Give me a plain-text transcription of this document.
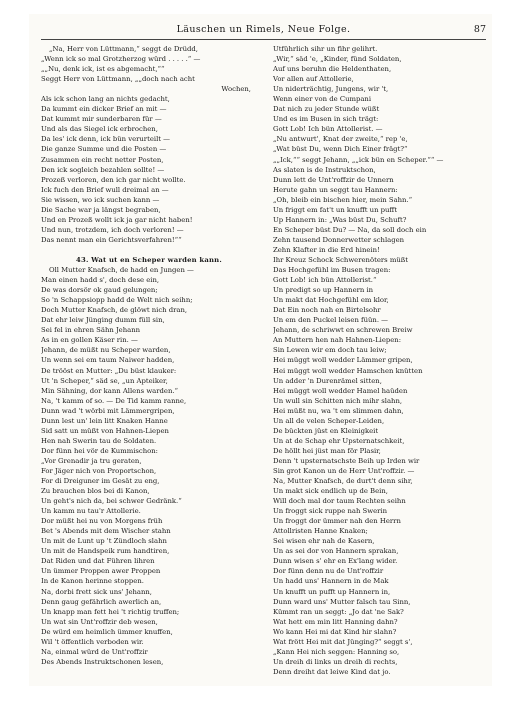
Läuschen un Rimels, Neue Folge.	87
„Na, Herr von Lüttmann,“ seggt de Drüdd,
„Wenn ick so mal Grotzherzog würd . . . . .“ —
„„Nu, denk ick, ist es abgemacht,““
Seggt Herr von Lüttmann, „„doch nach acht
Wochen,
Als ick schon lang an nichts gedacht,
Da kummt ein dicker Brief an mit —
Dat kummt mir sunderbaren für —
Und als das Siegel ick erbrochen,
Da les' ick denn, ick bün verurteilt —
Die ganze Summe und die Posten —
Zusammen ein recht netter Posten,
Den ick sogleich bezahlen sollte! —
Prozeß verloren, den ich gar nicht wollte.
Ick fuch den Brief wull dreimal an —
Sie wissen, wo ick suchen kann —
Die Sache war ja längst begraben,
Und en Prozeß wollt ick ja gar nicht haben!
Und nun, trotzdem, ich doch verloren! —
Das nennt man ein Gerichtsverfahren!““

43. Wat ut en Scheper warden kann.
Oll Mutter Knafsch, de hadd en Jungen —
Man einen hadd s', doch dese ein,
De was dorsör ok gaud gelungen;
So 'n Schappsiopp hadd de Welt nich seihn;
Doch Mutter Knafsch, de glöwt nich dran,
Dat ehr leiw Jünging dumm füll sin,
Sei fel in ehren Sähn Jehann
As in en gollen Käser rin. —
Jehann, de müßt nu Scheper warden,
Un wenn sei em taum Naiwer hadden,
De trööst en Mutter: „Du büst klauker:
Ut 'n Scheper,“ säd se, „un Apteiker,
Min Sähning, dor kann Allens warden.“
Na, 't kamm of so. — De Tid kamm ranne,
Dunn wad 't wörbi mit Lämmergripen,
Dunn lest un' lein litt Knaken Hanne
Sid satt un müßt von Hahnen-Liepen
Hen nah Swerin tau de Soldaten.
Dor fünn hei vör de Kummischon:
„Vor Grenadir ja tru geraten,
For Jäger nich von Proportschon,
For di Dreiguner im Gesät zu eng,
Zu brauchen blos bei di Kanon,
Un geht's nich da, bei schwer Gedränk.“
Un kamm nu tau'r Attollerie.
Dor müßt hei nu von Morgens früh
Bet 's Abends mit dem Wischer stahn
Un mit de Lunt up 't Zündloch slahn
Un mit de Handspeik rum handtiren,
Dat Riden und dat Führen lihren
Un ümmer Proppen awer Proppen
In de Kanon herinne stoppen.
Na, dorbi frett sick uns' Jehann,
Denn gaug gefährlich awerlich an,
Un knapp man fett hei 't richtig truffen;
Un wat sin Unt'roffzir deb wesen,
De würd em heimlich ümmer knuffen,
Wil 't öffentlich verboden wir.
Na, einmal würd de Unt'roffzir
Des Abends Instruktschonen lesen,
Utführlich sihr un fihr gelihrt.
„Wir,“ säd 'e, „Kinder, fünd Soldaten,
Auf uns beruhn die Heldenthaten,
Vor allen auf Attollerie,
Un niderträchtig, Jungens, wir 't,
Wenn einer von de Cumpani
Dat nich zu jeder Stunde wüßt
Und es im Busen in sich trägt:
Gott Lob! Ich bün Attollerist. —
„Nu antwurt', Knat der zweite,“ rep 'e,
„Wat büst Du, wenn Dich Einer frägt?“
„„Ick,““ seggt Jehann, „„ick bün en Scheper.““ —
As slaten is de Instruktschon,
Dunn lett de Unt'roffzir de Unnern
Herute gahn un seggt tau Hannern:
„Oh, bleib ein bischen hier, mein Sahn.“
Un friggt em fat't un knufft un pufft
Up Hannern in: „Was büst Du, Schuft?
En Scheper büst Du? — Na, da soll doch ein
Zehn tausend Donnerwetter schlagen
Zehn Klafter in die Erd hinein!
Ihr Kreuz Schock Schwerenöters müßt
Das Hochgefühl im Busen tragen:
Gott Lob! ich bün Attollerist.“
Un predigt so up Hannern in
Un makt dat Hochgefühl em klor,
Dat Ein noch nah en Birtelsohr
Un em den Puckel leisen füün. —
Jehann, de schriwwt en schrewen Breiw
An Muttern hen nah Hahnen-Liepen:
Sin Lewen wir em doch tau leiw;
Hei müggt woll wedder Lämmer gripen,
Hei müggt woll wedder Hamschen knütten
Un adder 'n Durenrämel sitten,
Hei müggt woll wedder Hamel haüden
Un wull sin Schitten nich mihr slahn,
Hei müßt nu, wa 't em slimmen dahn,
Un all de velen Scheper-Leiden,
De bückten jüst en Kleinigkeit
Un at de Schap ehr Upsternatschkeit,
De höllt hei jüst man för Plasir,
Denn 't upsternatschste Beih up Irden wir
Sin grot Kanon un de Herr Unt'roffzir. —
Na, Mutter Knafsch, de durt't denn sihr,
Un makt sick endlich up de Bein,
Will doch mal dor taum Rechten seihn
Un froggt sick ruppe nah Swerin
Un froggt dor ümmer nah den Herrn
Attollristen Hanne Knaken;
Sei wisen ehr nah de Kasern,
Un as sei dor von Hannern sprakan,
Dunn wisen s' ehr en Ex'lang wider.
Dor fünn denn nu de Unt'roffzir
Un hadd uns' Hannern in de Mak
Un knufft un pufft up Hannern in,
Dunn ward uns' Mutter falsch tau Sinn,
Kümmt ran un seggt: „Jo dat 'ne Sak?
Wat hett em min litt Hanning dahn?
Wo kann Hei mi dat Kind hir slahn?
Wat frött Hei mit dat Jünging?“ seggt s',
„Kann Hei nich seggen: Hanning so,
Un dreih di links un dreih di rechts,
Denn dreiht dat leiwe Kind dat jo.
